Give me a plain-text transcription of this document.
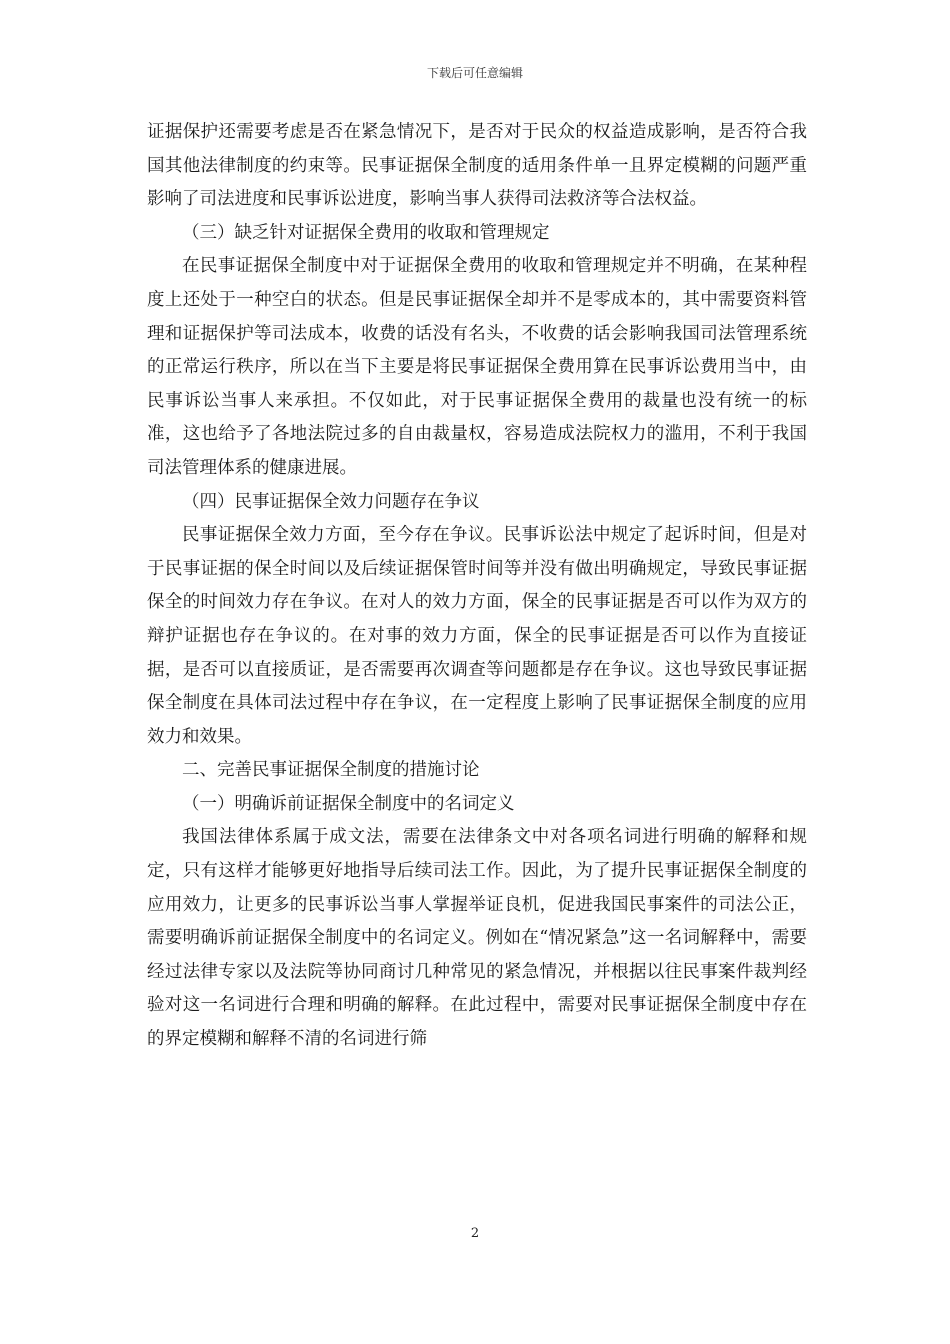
下载后可任意编辑

证据保护还需要考虑是否在紧急情况下，是否对于民众的权益造成影响，是否符合我国其他法律制度的约束等。民事证据保全制度的适用条件单一且界定模糊的问题严重影响了司法进度和民事诉讼进度，影响当事人获得司法救济等合法权益。

（三）缺乏针对证据保全费用的收取和管理规定

在民事证据保全制度中对于证据保全费用的收取和管理规定并不明确，在某种程度上还处于一种空白的状态。但是民事证据保全却并不是零成本的，其中需要资料管理和证据保护等司法成本，收费的话没有名头，不收费的话会影响我国司法管理系统的正常运行秩序，所以在当下主要是将民事证据保全费用算在民事诉讼费用当中，由民事诉讼当事人来承担。不仅如此，对于民事证据保全费用的裁量也没有统一的标准，这也给予了各地法院过多的自由裁量权，容易造成法院权力的滥用，不利于我国司法管理体系的健康进展。

（四）民事证据保全效力问题存在争议

民事证据保全效力方面，至今存在争议。民事诉讼法中规定了起诉时间，但是对于民事证据的保全时间以及后续证据保管时间等并没有做出明确规定，导致民事证据保全的时间效力存在争议。在对人的效力方面，保全的民事证据是否可以作为双方的辩护证据也存在争议的。在对事的效力方面，保全的民事证据是否可以作为直接证据，是否可以直接质证，是否需要再次调查等问题都是存在争议。这也导致民事证据保全制度在具体司法过程中存在争议，在一定程度上影响了民事证据保全制度的应用效力和效果。

二、完善民事证据保全制度的措施讨论

（一）明确诉前证据保全制度中的名词定义

我国法律体系属于成文法，需要在法律条文中对各项名词进行明确的解释和规定，只有这样才能够更好地指导后续司法工作。因此，为了提升民事证据保全制度的应用效力，让更多的民事诉讼当事人掌握举证良机，促进我国民事案件的司法公正，需要明确诉前证据保全制度中的名词定义。例如在“情况紧急”这一名词解释中，需要经过法律专家以及法院等协同商讨几种常见的紧急情况，并根据以往民事案件裁判经验对这一名词进行合理和明确的解释。在此过程中，需要对民事证据保全制度中存在的界定模糊和解释不清的名词进行筛

2
